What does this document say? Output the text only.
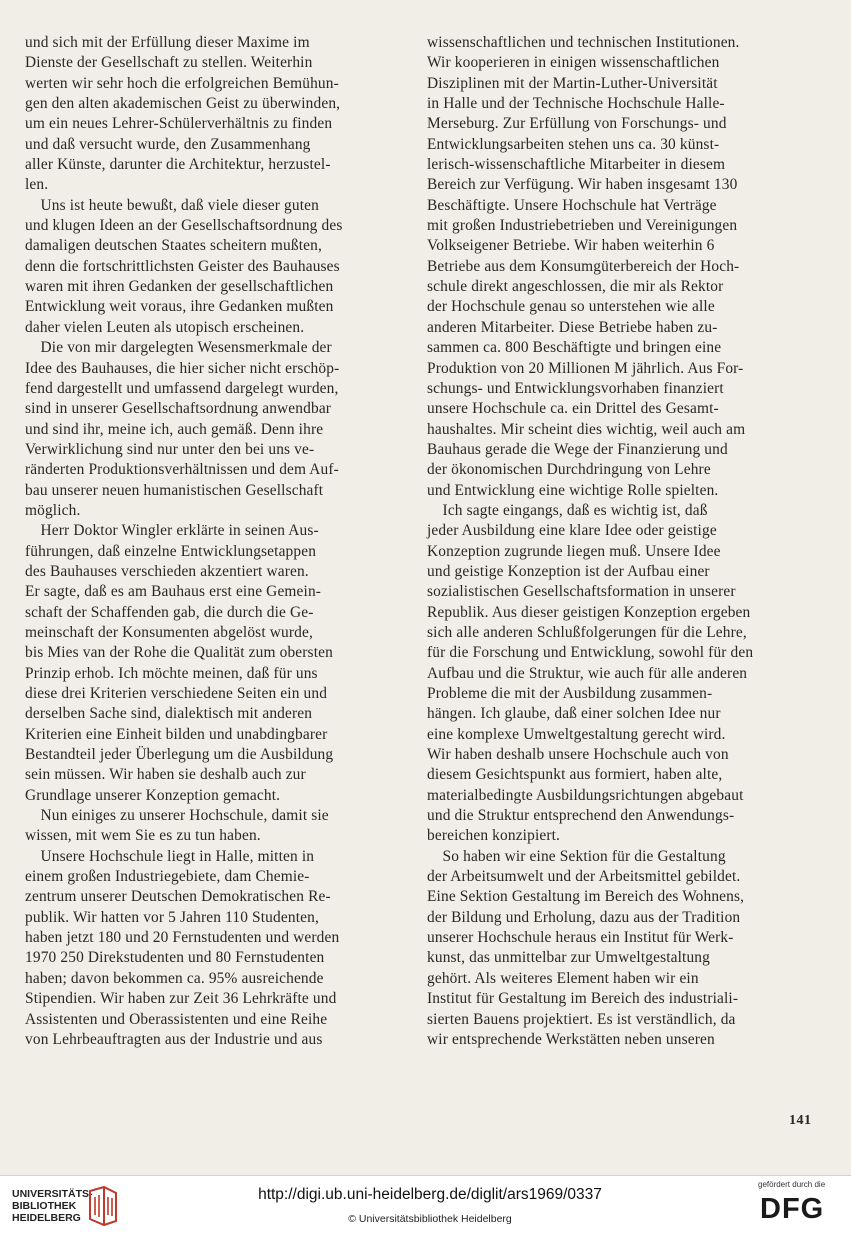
und sich mit der Erfüllung dieser Maxime im
Dienste der Gesellschaft zu stellen. Weiterhin
werten wir sehr hoch die erfolgreichen Bemühun-
gen den alten akademischen Geist zu überwinden,
um ein neues Lehrer-Schülerverhältnis zu finden
und daß versucht wurde, den Zusammenhang
aller Künste, darunter die Architektur, herzustel-
len.

 Uns ist heute bewußt, daß viele dieser guten
und klugen Ideen an der Gesellschaftsordnung des
damaligen deutschen Staates scheitern mußten,
denn die fortschrittlichsten Geister des Bauhauses
waren mit ihren Gedanken der gesellschaftlichen
Entwicklung weit voraus, ihre Gedanken mußten
daher vielen Leuten als utopisch erscheinen.

 Die von mir dargelegten Wesensmerkmale der
Idee des Bauhauses, die hier sicher nicht erschöp-
fend dargestellt und umfassend dargelegt wurden,
sind in unserer Gesellschaftsordnung anwendbar
und sind ihr, meine ich, auch gemäß. Denn ihre
Verwirklichung sind nur unter den bei uns ve-
ränderten Produktionsverhältnissen und dem Auf-
bau unserer neuen humanistischen Gesellschaft
möglich.

 Herr Doktor Wingler erklärte in seinen Aus-
führungen, daß einzelne Entwicklungsetappen
des Bauhauses verschieden akzentiert waren.
Er sagte, daß es am Bauhaus erst eine Gemein-
schaft der Schaffenden gab, die durch die Ge-
meinschaft der Konsumenten abgelöst wurde,
bis Mies van der Rohe die Qualität zum obersten
Prinzip erhob. Ich möchte meinen, daß für uns
diese drei Kriterien verschiedene Seiten ein und
derselben Sache sind, dialektisch mit anderen
Kriterien eine Einheit bilden und unabdingbarer
Bestandteil jeder Überlegung um die Ausbildung
sein müssen. Wir haben sie deshalb auch zur
Grundlage unserer Konzeption gemacht.

 Nun einiges zu unserer Hochschule, damit sie
wissen, mit wem Sie es zu tun haben.

 Unsere Hochschule liegt in Halle, mitten in
einem großen Industriegebiete, dam Chemie-
zentrum unserer Deutschen Demokratischen Re-
publik. Wir hatten vor 5 Jahren 110 Studenten,
haben jetzt 180 und 20 Fernstudenten und werden
1970 250 Direkstudenten und 80 Fernstudenten
haben; davon bekommen ca. 95% ausreichende
Stipendien. Wir haben zur Zeit 36 Lehrkräfte und
Assistenten und Oberassistenten und eine Reihe
von Lehrbeauftragten aus der Industrie und aus

wissenschaftlichen und technischen Institutionen.
Wir kooperieren in einigen wissenschaftlichen
Disziplinen mit der Martin-Luther-Universität
in Halle und der Technische Hochschule Halle-
Merseburg. Zur Erfüllung von Forschungs- und
Entwicklungsarbeiten stehen uns ca. 30 künst-
lerisch-wissenschaftliche Mitarbeiter in diesem
Bereich zur Verfügung. Wir haben insgesamt 130
Beschäftigte. Unsere Hochschule hat Verträge
mit großen Industriebetrieben und Vereinigungen
Volkseigener Betriebe. Wir haben weiterhin 6
Betriebe aus dem Konsumgüterbereich der Hoch-
schule direkt angeschlossen, die mir als Rektor
der Hochschule genau so unterstehen wie alle
anderen Mitarbeiter. Diese Betriebe haben zu-
sammen ca. 800 Beschäftigte und bringen eine
Produktion von 20 Millionen M jährlich. Aus For-
schungs- und Entwicklungsvorhaben finanziert
unsere Hochschule ca. ein Drittel des Gesamt-
haushaltes. Mir scheint dies wichtig, weil auch am
Bauhaus gerade die Wege der Finanzierung und
der ökonomischen Durchdringung von Lehre
und Entwicklung eine wichtige Rolle spielten.

 Ich sagte eingangs, daß es wichtig ist, daß
jeder Ausbildung eine klare Idee oder geistige
Konzeption zugrunde liegen muß. Unsere Idee
und geistige Konzeption ist der Aufbau einer
sozialistischen Gesellschaftsformation in unserer
Republik. Aus dieser geistigen Konzeption ergeben
sich alle anderen Schlußfolgerungen für die Lehre,
für die Forschung und Entwicklung, sowohl für den
Aufbau und die Struktur, wie auch für alle anderen
Probleme die mit der Ausbildung zusammen-
hängen. Ich glaube, daß einer solchen Idee nur
eine komplexe Umweltgestaltung gerecht wird.
Wir haben deshalb unsere Hochschule auch von
diesem Gesichtspunkt aus formiert, haben alte,
materialbedingte Ausbildungsrichtungen abgebaut
und die Struktur entsprechend den Anwendungs-
bereichen konzipiert.

 So haben wir eine Sektion für die Gestaltung
der Arbeitsumwelt und der Arbeitsmittel gebildet.
Eine Sektion Gestaltung im Bereich des Wohnens,
der Bildung und Erholung, dazu aus der Tradition
unserer Hochschule heraus ein Institut für Werk-
kunst, das unmittelbar zur Umweltgestaltung
gehört. Als weiteres Element haben wir ein
Institut für Gestaltung im Bereich des industriali-
sierten Bauens projektiert. Es ist verständlich, da
wir entsprechende Werkstätten neben unseren

141
UNIVERSITÄTS-
BIBLIOTHEK
HEIDELBERG
http://digi.ub.uni-heidelberg.de/diglit/ars1969/0337
© Universitätsbibliothek Heidelberg
gefördert durch die
DFG
